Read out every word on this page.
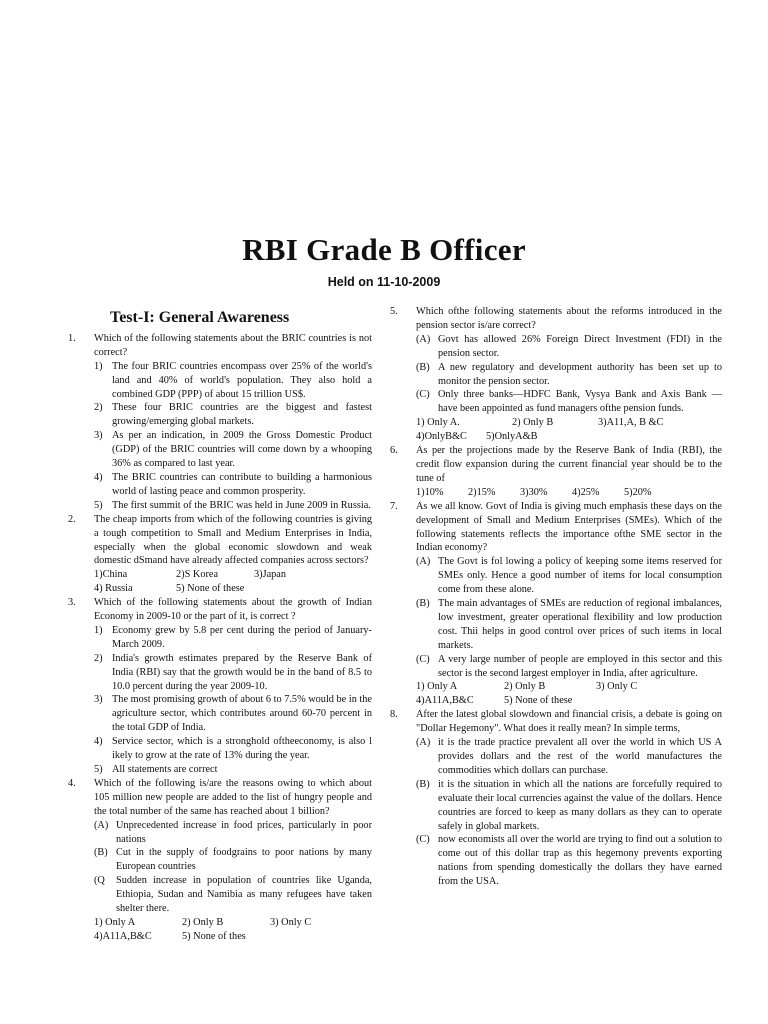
RBI Grade B Officer
Held on 11-10-2009
Test-I: General Awareness
1.	Which of the following statements about the BRIC countries is not correct?

1) The four BRIC countries encompass over 25% of the world's land and 40% of world's population. They also hold a combined GDP (PPP) of about 15 trillion US$.
2) These four BRIC countries are the biggest and fastest growing/emerging global markets.
3) As per an indication, in 2009 the Gross Domestic Product (GDP) of the BRIC countries will come down by a whooping 36% as compared to last year.
4) The BRIC countries can contribute to building a harmonious world of lasting peace and common prosperity.
5) The first summit of the BRIC was held in June 2009 in Russia.
2.	The cheap imports from which of the following countries is giving a tough competition to Small and Medium Enterprises in India, especially when the global economic slowdown and weak domestic dSmand have already affected companies across sectors?

1)China	2)S Korea	3)Japan
4) Russia	5) None of these
3.	Which of the following statements about the growth of Indian Economy in 2009-10 or the part of it, is correct ?

1) Economy grew by 5.8 per cent during the period of January-March 2009.
2) India's growth estimates prepared by the Reserve Bank of India (RBI) say that the growth would be in the band of 8.5 to 10.0 percent during the year 2009-10.
3) The most promising growth of about 6 to 7.5% would be in the agriculture sector, which contributes around 60-70 percent in the total GDP of India.
4) Service sector, which is a stronghold oftheeconomy, is also l ikely to grow at the rate of 13% during the year.
5) All statements are correct
4.	Which of the following is/are the reasons owing to which about 105 million new people are added to the list of hungry people and the total number of the same has reached about 1 billion?

(A) Unprecedented increase in food prices, particularly in poor nations
(B) Cut in the supply of foodgrains to poor nations by many European countries
(Q	Sudden increase in population of countries like Uganda, Ethiopia, Sudan and Namibia as many refugees have taken shelter there.
1) Only A	2) Only B	3) Only C
4)A11A,B&C	5) None of thes
5.	Which ofthe following statements about the reforms introduced in the pension sector is/are correct?

(A) Govt has allowed 26% Foreign Direct Investment (FDI) in the pension sector.
(B) A new regulatory and development authority has been set up to monitor the pension sector.
(C) Only three banks—HDFC Bank, Vysya Bank and Axis Bank — have been appointed as fund managers ofthe pension funds.
1) Only A.	2) Only B	3)A11,A, B &C
4)OnlyB&C	5)OnlyA&B
6.	As per the projections made by the Reserve Bank of India (RBI), the credit flow expansion during the current financial year should be to the tune of

1)10%	2)15%	3)30%	4)25%	5)20%
7.	As we all know. Govt of India is giving much emphasis these days on the development of Small and Medium Enterprises (SMEs). Which of the following statements reflects the importance ofthe SME sector in the Indian economy?

(A) The Govt is fol lowing a policy of keeping some items reserved for SMEs only. Hence a good number of items for local consumption come from these alone.
(B) The main advantages of SMEs are reduction of regional imbalances, low investment, greater operational flexibility and low production cost. Thii helps in good control over prices of such items in local markets.
(C) A very large number of people are employed in this sector and this sector is the second largest employer in India, after agriculture.
1) Only A	2) Only B	3) Only C
4)A11A,B&C	5) None of these
8.	After the latest global slowdown and financial crisis, a debate is going on "Dollar Hegemony". What does it really mean? In simple terms,

(A) it is the trade practice prevalent all over the world in which US A provides dollars and the rest of the world manufactures the commodities which dollars can purchase.
(B) it is the situation in which all the nations are forcefully required to evaluate their local currencies against the value of the dollars. Hence countries are forced to keep as many dollars as they can to operate safely in global markets.
(C) now economists all over the world are trying to find out a solution to come out of this dollar trap as this hegemony prevents exporting nations from spending domestically the dollars they have earned from the USA.
